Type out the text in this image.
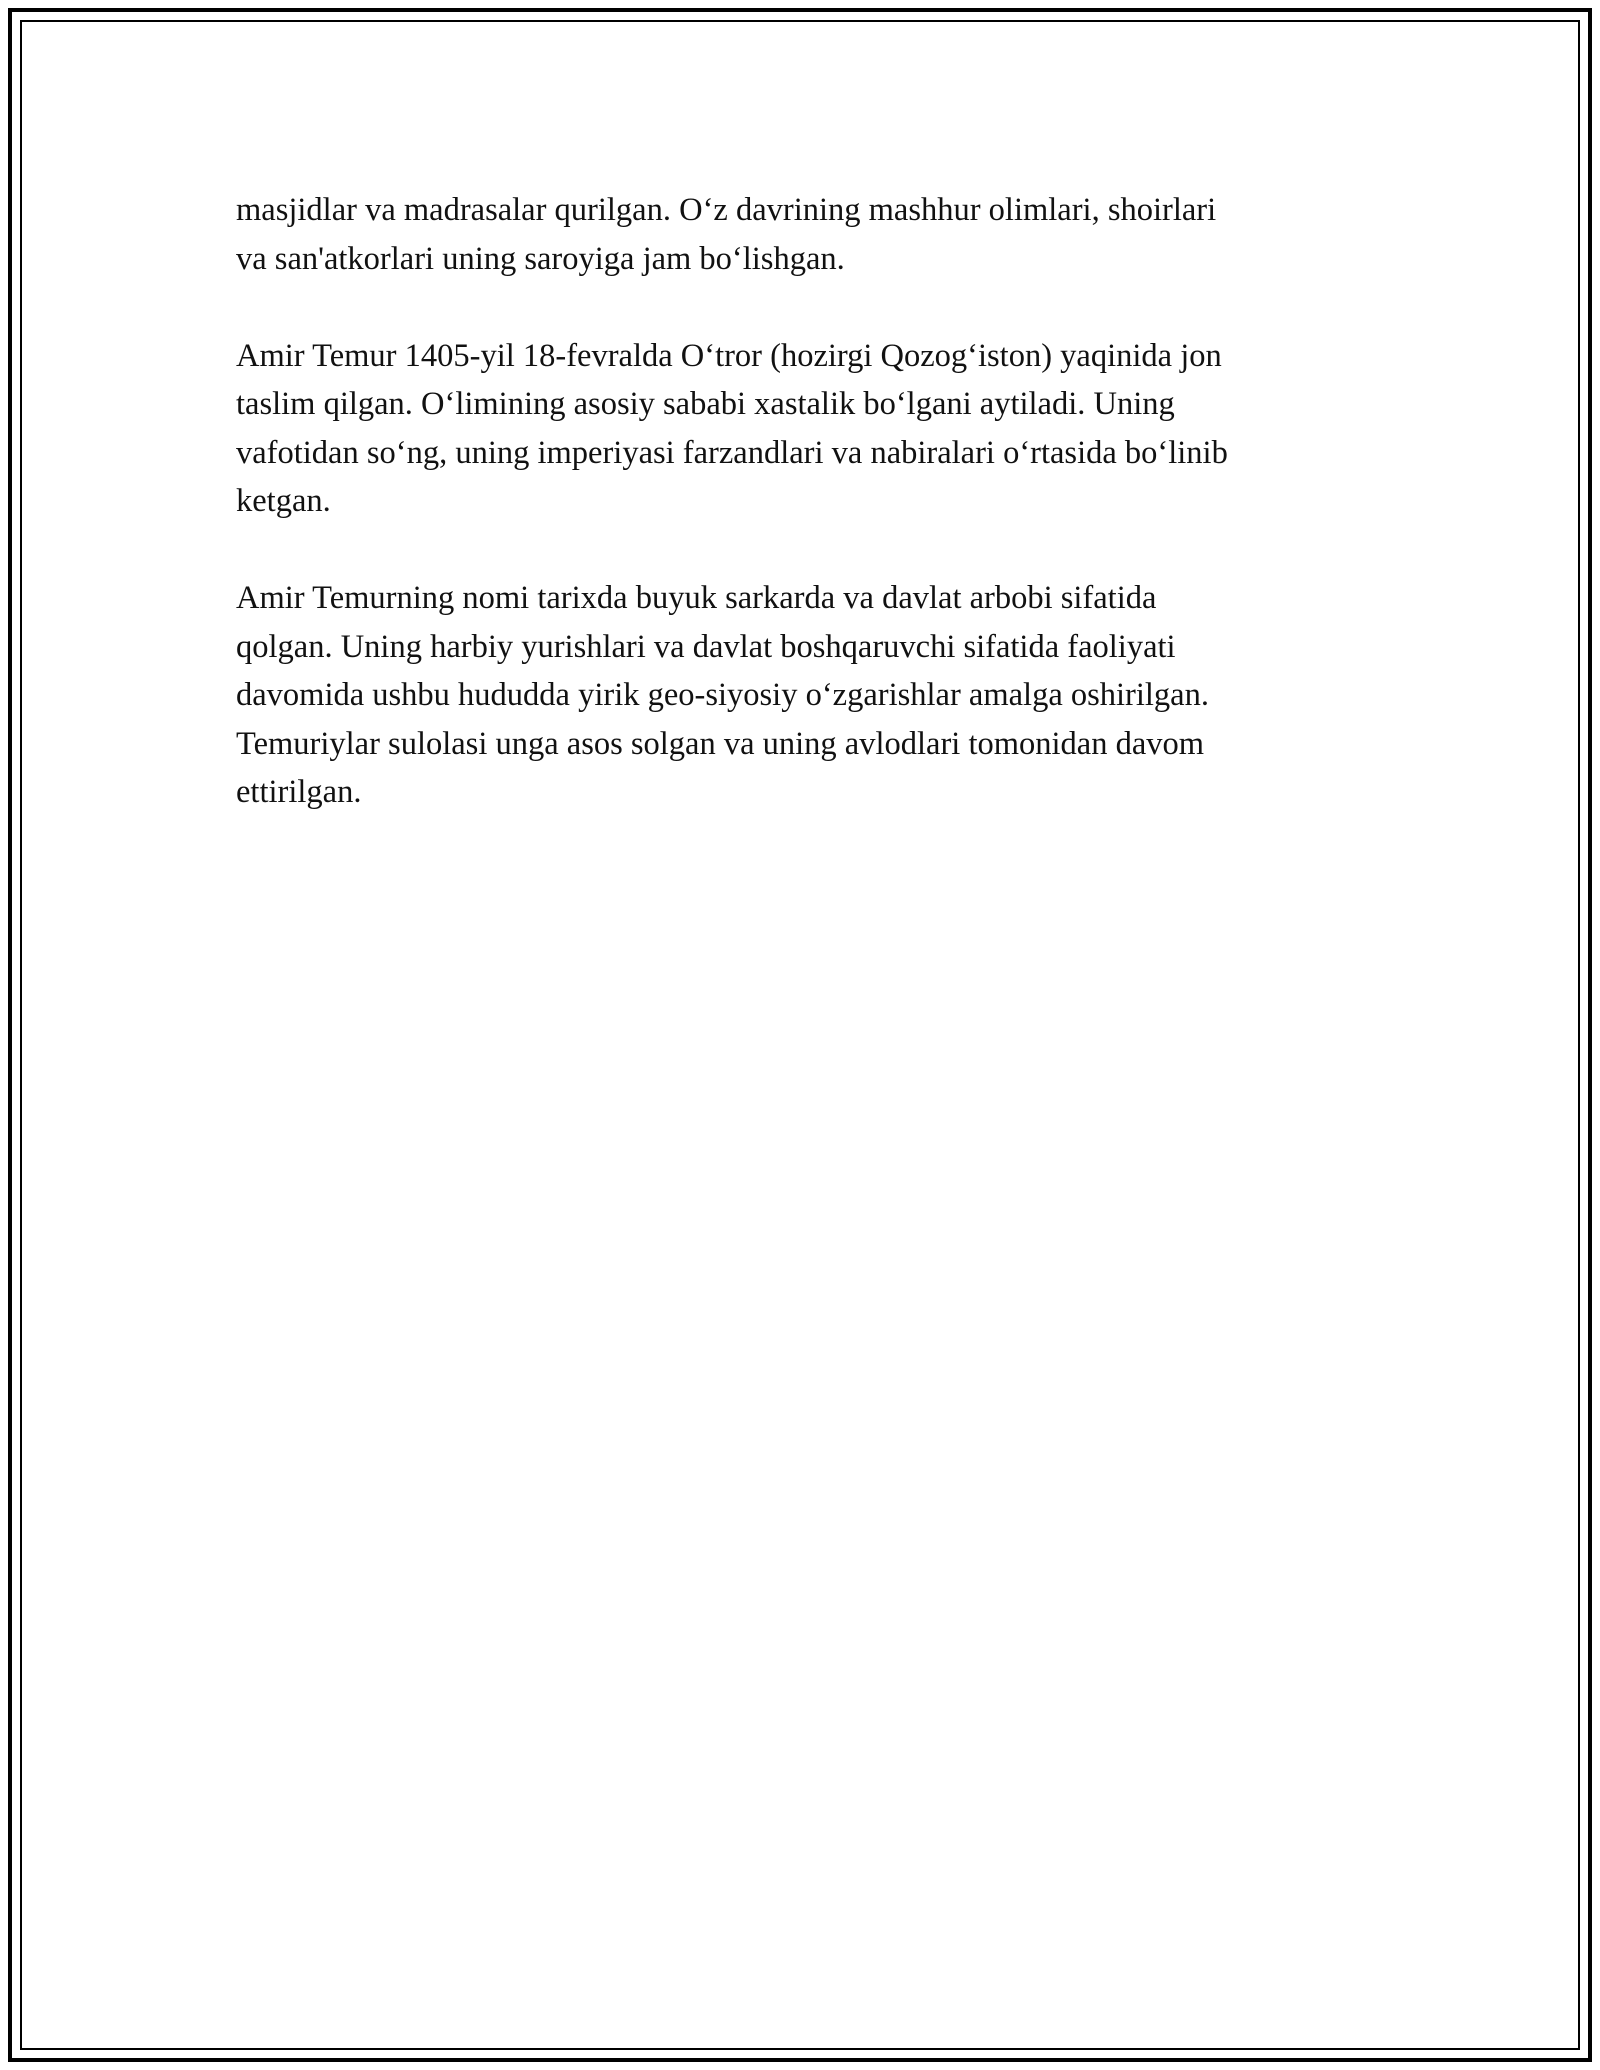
masjidlar va madrasalar qurilgan. O‘z davrining mashhur olimlari, shoirlari
va san'atkorlari uning saroyiga jam bo‘lishgan.

Amir Temur 1405-yil 18-fevralda O‘tror (hozirgi Qozog‘iston) yaqinida jon
taslim qilgan. O‘limining asosiy sababi xastalik bo‘lgani aytiladi. Uning
vafotidan so‘ng, uning imperiyasi farzandlari va nabiralari o‘rtasida bo‘linib
ketgan.

Amir Temurning nomi tarixda buyuk sarkarda va davlat arbobi sifatida
qolgan. Uning harbiy yurishlari va davlat boshqaruvchi sifatida faoliyati
davomida ushbu hududda yirik geo-siyosiy o‘zgarishlar amalga oshirilgan.
Temuriylar sulolasi unga asos solgan va uning avlodlari tomonidan davom
ettirilgan.
